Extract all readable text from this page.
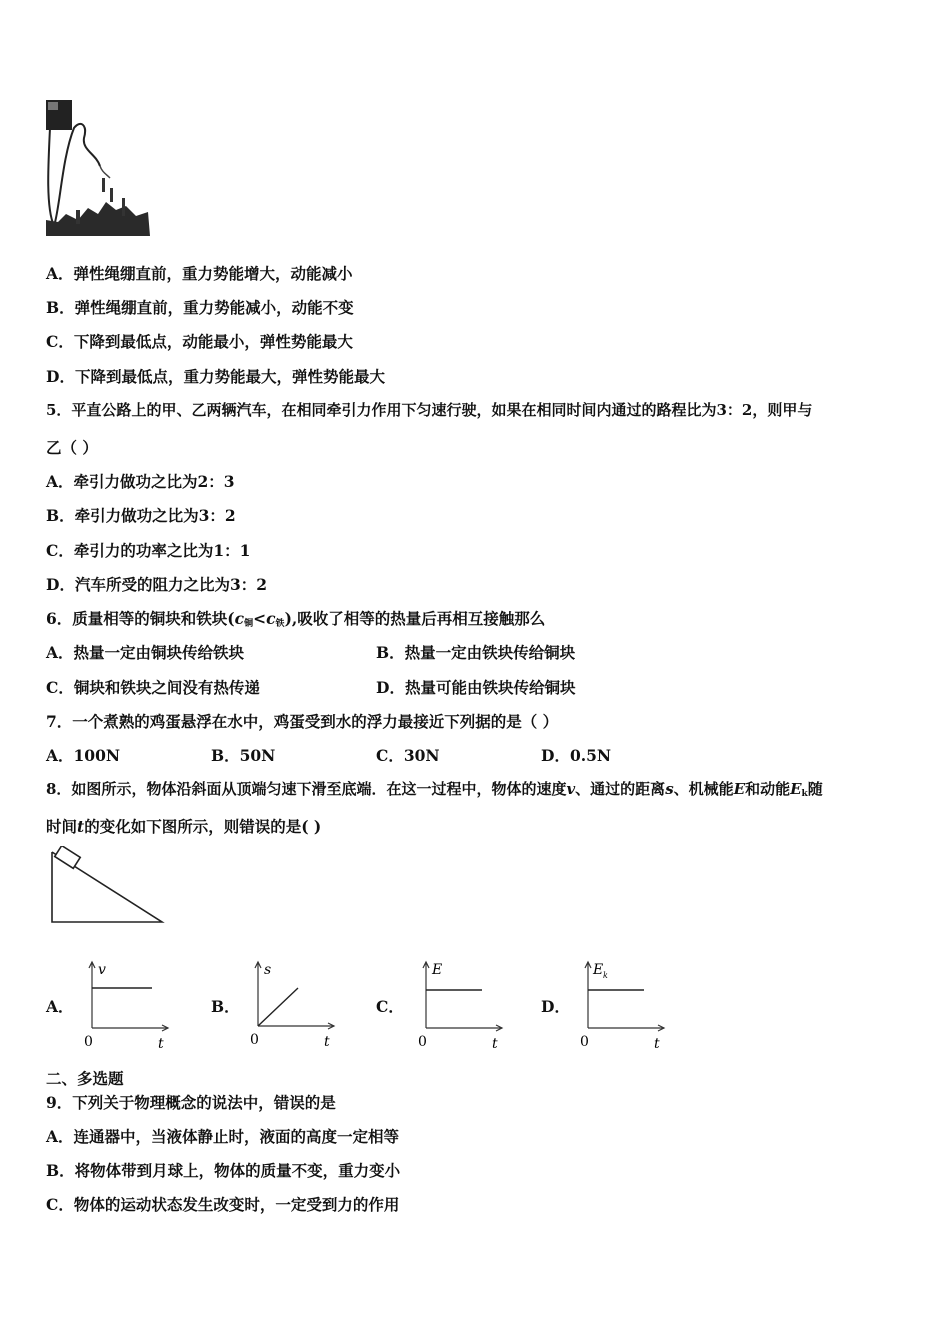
A．弹性绳绷直前，重力势能增大，动能减小
B．弹性绳绷直前，重力势能减小，动能不变
C．下降到最低点，动能最小，弹性势能最大
D．下降到最低点，重力势能最大，弹性势能最大
5．平直公路上的甲、乙两辆汽车，在相同牵引力作用下匀速行驶，如果在相同时间内通过的路程比为3：2，则甲与
乙（ ）
A．牵引力做功之比为2：3
B．牵引力做功之比为3：2
C．牵引力的功率之比为1：1
D．汽车所受的阻力之比为3：2
6．质量相等的铜块和铁块$(c_铜<c_铁)$,吸收了相等的热量后再相互接触那么
A．热量一定由铜块传给铁块	B．热量一定由铁块传给铜块
C．铜块和铁块之间没有热传递	D．热量可能由铁块传给铜块
7．一个煮熟的鸡蛋悬浮在水中，鸡蛋受到水的浮力最接近下列据的是（ ）
A．100N	B．50N	C．30N	D．0.5N
8．如图所示，物体沿斜面从顶端匀速下滑至底端．在这一过程中，物体的速度v、通过的距离s、机械能E和动能$E_k$随
时间t的变化如下图所示，则错误的是( )
A．	B．	C．	D．
v
0	t
s
0	t
E
0	t
E k
0	t
二、多选题
9．下列关于物理概念的说法中，错误的是
A．连通器中，当液体静止时，液面的高度一定相等
B．将物体带到月球上，物体的质量不变，重力变小
C．物体的运动状态发生改变时，一定受到力的作用
